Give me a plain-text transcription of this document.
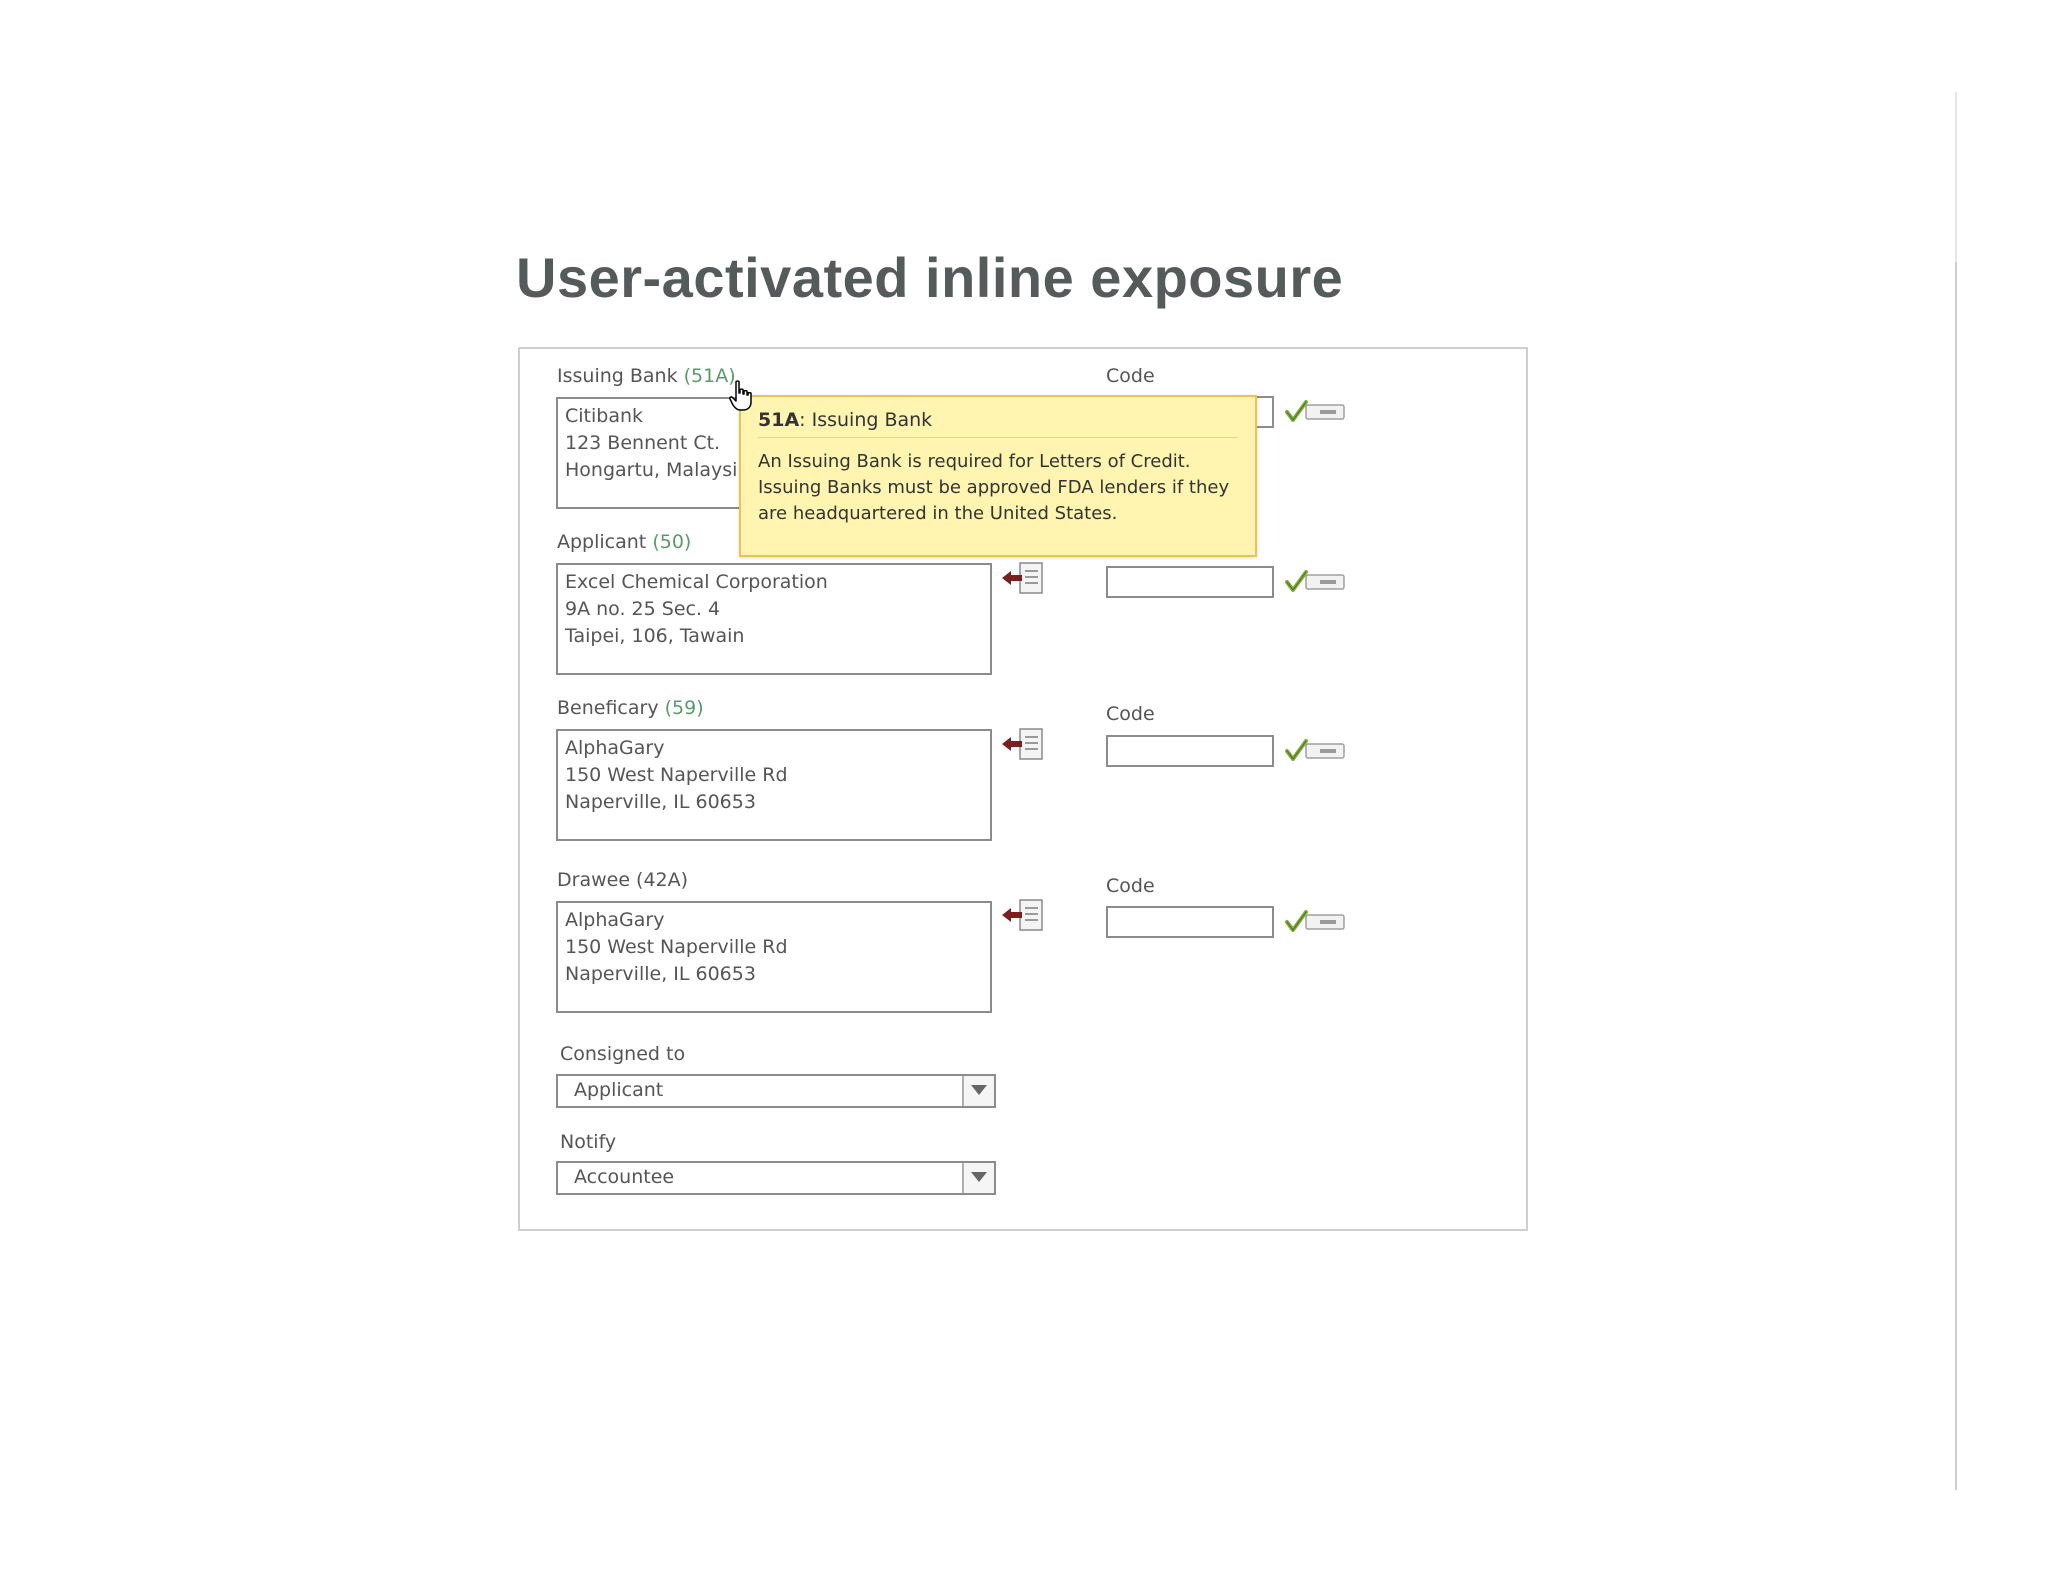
User-activated inline exposure
Issuing Bank (51A)	Code
Citibank
123 Bennent Ct.
Hongartu, Malaysi
Applicant (50)
Excel Chemical Corporation
9A no. 25 Sec. 4
Taipei, 106, Tawain
Beneficary (59)	Code
AlphaGary
150 West Naperville Rd
Naperville, IL 60653
Drawee (42A)	Code
AlphaGary
150 West Naperville Rd
Naperville, IL 60653
Consigned to
Applicant
Notify
Accountee
51A: Issuing Bank
An Issuing Bank is required for Letters of Credit. Issuing Banks must be approved FDA lenders if they are headquartered in the United States.
